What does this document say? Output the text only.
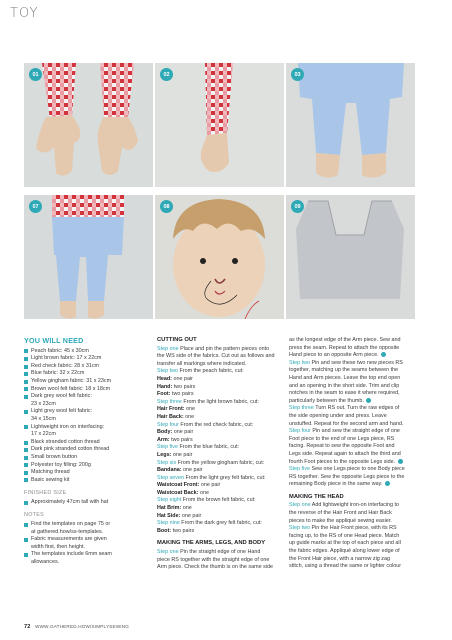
TOY
01	02	03
07	08	09
YOU WILL NEED
Peach fabric: 45 x 30cm
Light brown fabric: 17 x 22cm
Red check fabric: 28 x 31cm
Blue fabric: 32 x 22cm
Yellow gingham fabric: 31 x 23cm
Brown wool felt fabric: 18 x 18cm
Dark grey wool felt fabric:
23 x 23cm
Light grey wool felt fabric:
34 x 15cm
Lightweight iron on interfacing:
17 x 22cm
Black stranded cotton thread
Dark pink stranded cotton thread
Small brown button
Polyester toy filling: 200g
Matching thread
Basic sewing kit
FINISHED SIZE
Approximately 47cm tall with hat
NOTES
Find the templates on page 75 or
at gathered.how/ss-templates.
Fabric measurements are given
width first, then height.
The templates include 6mm seam
allowances.
CUTTING OUT
Step one Place and pin the pattern pieces onto
the WS side of the fabrics. Cut out as follows and
transfer all markings where indicated.
Step two From the peach fabric, cut:
Head: one pair
Hand: two pairs
Foot: two pairs
Step three From the light brown fabric, cut:
Hair Front: one
Hair Back: one
Step four From the red check fabric, cut:
Body: one pair
Arm: two pairs
Step five From the blue fabric, cut:
Legs: one pair
Step six From the yellow gingham fabric, cut:
Bandana: one pair
Step seven From the light grey felt fabric, cut:
Waistcoat Front: one pair
Waistcoat Back: one
Step eight From the brown felt fabric, cut:
Hat Brim: one
Hat Side: one pair
Step nine From the dark grey felt fabric, cut:
Boot: two pairs
MAKING THE ARMS, LEGS, AND BODY
Step one Pin the straight edge of one Hand
piece RS together with the straight edge of one
Arm piece. Check the thumb is on the same side
as the longest edge of the Arm piece. Sew and
press the seam. Repeat to attach the opposite
Hand piece to an opposite Arm piece.
Step two Pin and sew these two new pieces RS
together, matching up the seams between the
Hand and Arm pieces. Leave the top end open
and an opening in the short side. Trim and clip
notches in the seam to ease it where required,
particularly between the thumb.
Step three Turn RS out. Turn the raw edges of
the side opening under and press. Leave
unstuffed. Repeat for the second arm and hand.
Step four Pin and sew the straight edge of one
Foot piece to the end of one Legs piece, RS
facing. Repeat to sew the opposite Foot and
Legs side. Repeat again to attach the third and
fourth Foot pieces to the opposite Legs side.
Step five Sew one Legs piece to one Body piece
RS together. Sew the opposite Legs piece to the
remaining Body piece in the same way.
MAKING THE HEAD
Step one Add lightweight iron-on interfacing to
the reverse of the Hair Front and Hair Back
pieces to make the appliqué sewing easier.
Step two Pin the Hair Front piece, with its RS
facing up, to the RS of one Head piece. Match
up guide marks at the top of each piece and all
the fabric edges. Appliqué along lower edge of
the Front Hair piece, with a narrow zig zag
stitch, using a thread the same or lighter colour
72 WWW.GATHERED.HOW/SIMPLYSEWING
